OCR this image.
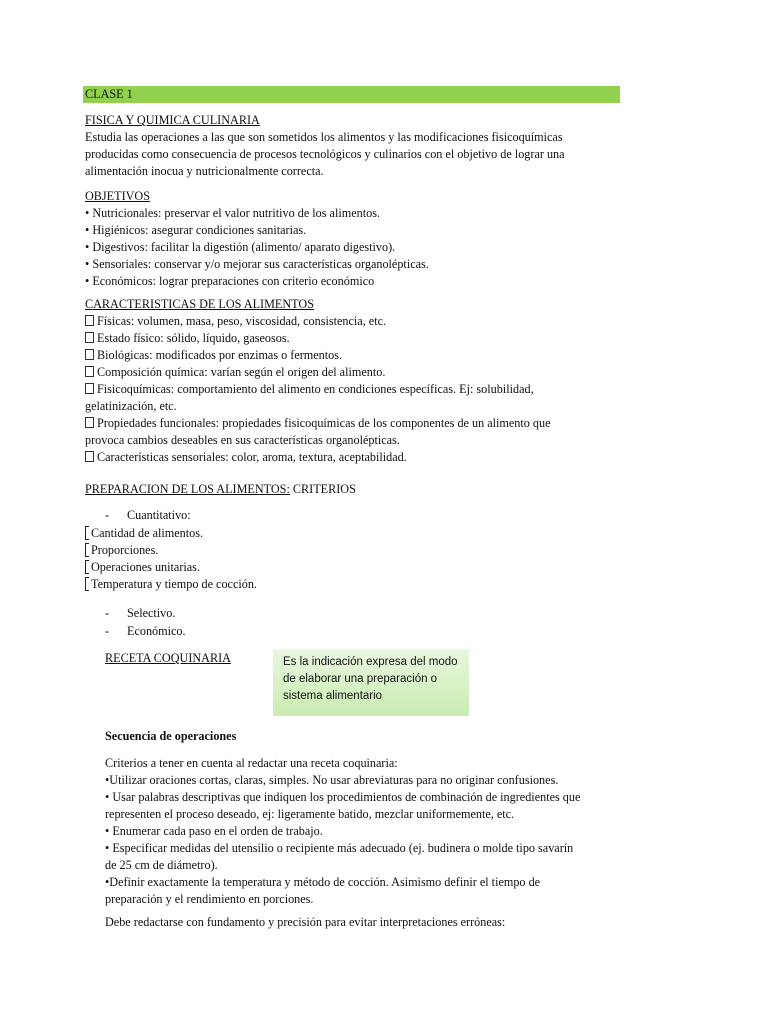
CLASE 1

FISICA Y QUIMICA CULINARIA

Estudia las operaciones a las que son sometidos los alimentos y las modificaciones fisicoquímicas

producidas como consecuencia de procesos tecnológicos y culinarios con el objetivo de lograr una

alimentación inocua y nutricionalmente correcta.

OBJETIVOS

• Nutricionales: preservar el valor nutritivo de los alimentos.

• Higiénicos: asegurar condiciones sanitarias.

• Digestivos: facilitar la digestión (alimento/ aparato digestivo).

• Sensoriales: conservar y/o mejorar sus características organolépticas.

• Económicos: lograr preparaciones con criterio económico

CARACTERISTICAS DE LOS ALIMENTOS

Físicas: volumen, masa, peso, viscosidad, consistencia, etc.

Estado físico: sólido, líquido, gaseosos.

Biológicas: modificados por enzimas o fermentos.

Composición química: varían según el origen del alimento.

Fisicoquímicas: comportamiento del alimento en condiciones específicas. Ej: solubilidad,

gelatinización, etc.

Propiedades funcionales: propiedades fisicoquímicas de los componentes de un alimento que

provoca cambios deseables en sus características organolépticas.

Características sensoriales: color, aroma, textura, aceptabilidad.

PREPARACION DE LOS ALIMENTOS: CRITERIOS
- Cuantitativo:

Cantidad de alimentos.

Proporciones.

Operaciones unitarias.

Temperatura y tiempo de cocción.

- Selectivo.
- Económico.
RECETA COQUINARIA	Es la indicación expresa del modo

de elaborar una preparación o

sistema alimentario

Secuencia de operaciones

Criterios a tener en cuenta al redactar una receta coquinaria:

•Utilizar oraciones cortas, claras, simples. No usar abreviaturas para no originar confusiones.

• Usar palabras descriptivas que indiquen los procedimientos de combinación de ingredientes que

representen el proceso deseado, ej: ligeramente batido, mezclar uniformemente, etc.

• Enumerar cada paso en el orden de trabajo.

• Especificar medidas del utensilio o recipiente más adecuado (ej. budinera o molde tipo savarín

de 25 cm de diámetro).

•Definir exactamente la temperatura y método de cocción. Asimismo definir el tiempo de

preparación y el rendimiento en porciones.

Debe redactarse con fundamento y precisión para evitar interpretaciones erróneas:
